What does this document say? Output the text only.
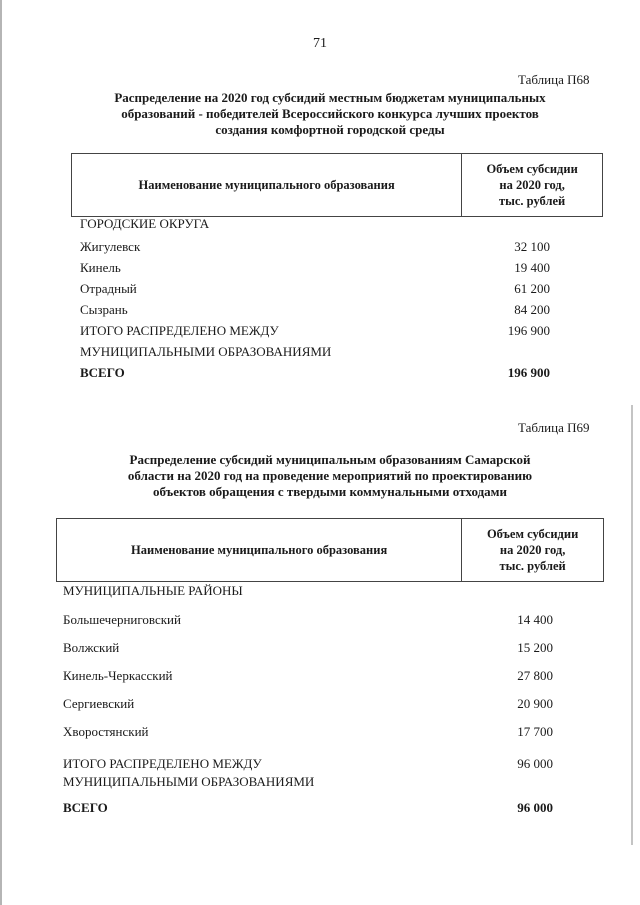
71
Таблица П68
Распределение на 2020 год субсидий местным бюджетам муниципальных
образований - победителей Всероссийского конкурса лучших проектов
создания комфортной городской среды
Наименование муниципального образования
Объем субсидии
на 2020 год,
тыс. рублей
ГОРОДСКИЕ ОКРУГА
Жигулевск	32 100
Кинель	19 400
Отрадный	61 200
Сызрань	84 200
ИТОГО РАСПРЕДЕЛЕНО МЕЖДУ	196 900
МУНИЦИПАЛЬНЫМИ ОБРАЗОВАНИЯМИ
ВСЕГО	196 900
Таблица П69
Распределение субсидий муниципальным образованиям Самарской
области на 2020 год на проведение мероприятий по проектированию
объектов обращения с твердыми коммунальными отходами
Наименование муниципального образования
Объем субсидии
на 2020 год,
тыс. рублей
МУНИЦИПАЛЬНЫЕ РАЙОНЫ
Большечерниговский	14 400
Волжский	15 200
Кинель-Черкасский	27 800
Сергиевский	20 900
Хворостянский	17 700
ИТОГО РАСПРЕДЕЛЕНО МЕЖДУ	96 000
МУНИЦИПАЛЬНЫМИ ОБРАЗОВАНИЯМИ
ВСЕГО	96 000
